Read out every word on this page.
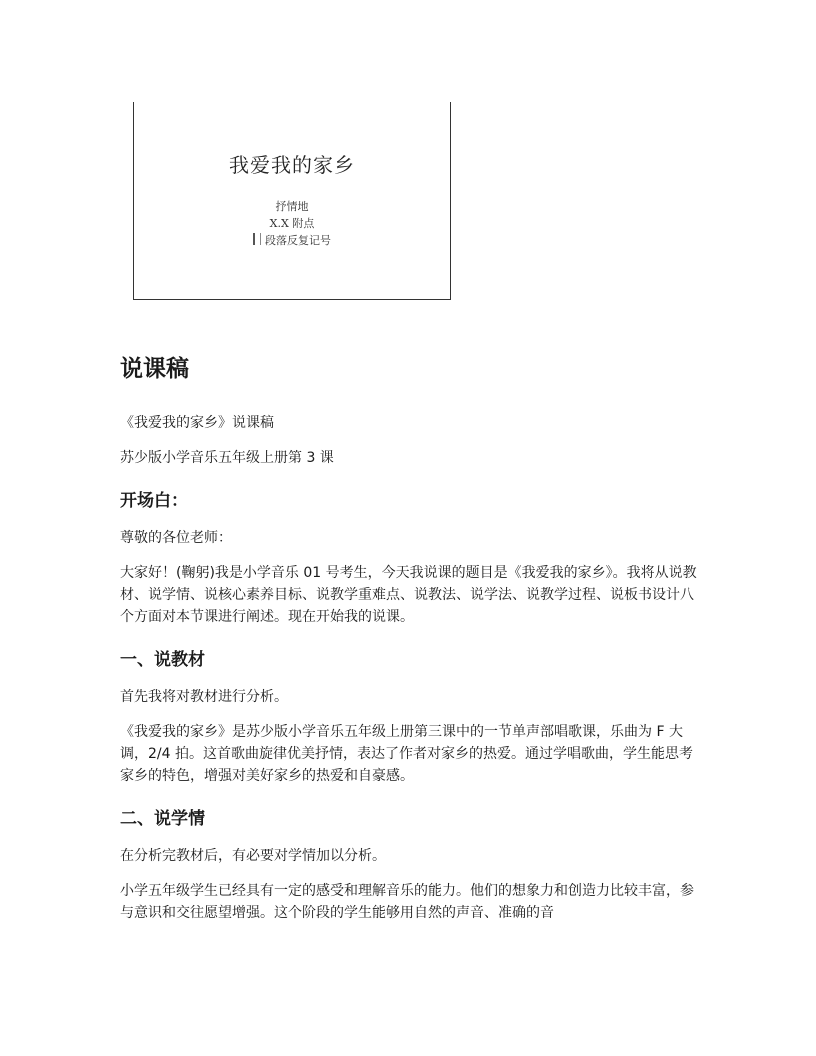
我爱我的家乡
抒情地
X.X 附点
段落反复记号
说课稿

《我爱我的家乡》说课稿

苏少版小学音乐五年级上册第 3 课

开场白：

尊敬的各位老师：

大家好！(鞠躬)我是小学音乐 01 号考生，今天我说课的题目是《我爱我的家乡》。我将从说教材、说学情、说核心素养目标、说教学重难点、说教法、说学法、说教学过程、说板书设计八个方面对本节课进行阐述。现在开始我的说课。

一、说教材

首先我将对教材进行分析。

《我爱我的家乡》是苏少版小学音乐五年级上册第三课中的一节单声部唱歌课，乐曲为 F 大调，2/4 拍。这首歌曲旋律优美抒情，表达了作者对家乡的热爱。通过学唱歌曲，学生能思考家乡的特色，增强对美好家乡的热爱和自豪感。

二、说学情

在分析完教材后，有必要对学情加以分析。

小学五年级学生已经具有一定的感受和理解音乐的能力。他们的想象力和创造力比较丰富，参与意识和交往愿望增强。这个阶段的学生能够用自然的声音、准确的音
